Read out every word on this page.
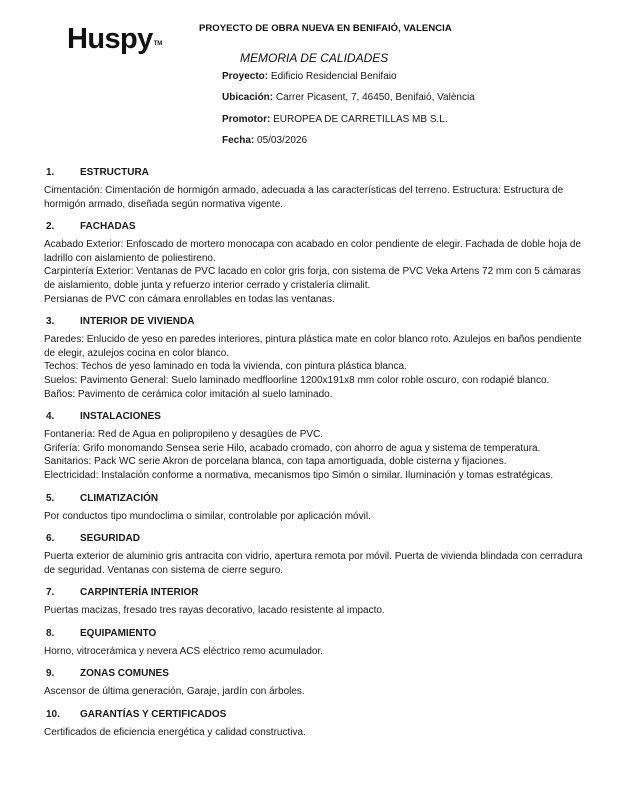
Huspy™
PROYECTO DE OBRA NUEVA EN BENIFAIÓ, VALENCIA
MEMORIA DE CALIDADES
Proyecto: Edificio Residencial Benifaio
Ubicación: Carrer Picasent, 7, 46450, Benifaió, València
Promotor: EUROPEA DE CARRETILLAS MB S.L.
Fecha: 05/03/2026
1.	ESTRUCTURA

Cimentación: Cimentación de hormigón armado, adecuada a las características del terreno. Estructura: Estructura de hormigón armado, diseñada según normativa vigente.

2.	FACHADAS

Acabado Exterior: Enfoscado de mortero monocapa con acabado en color pendiente de elegir. Fachada de doble hoja de ladrillo con aislamiento de poliestireno.

Carpintería Exterior: Ventanas de PVC lacado en color gris forja, con sistema de PVC Veka Artens 72 mm con 5 cámaras de aislamiento, doble junta y refuerzo interior cerrado y cristalería climalit.

Persianas de PVC con cámara enrollables en todas las ventanas.

3.	INTERIOR DE VIVIENDA

Paredes: Enlucido de yeso en paredes interiores, pintura plástica mate en color blanco roto. Azulejos en baños pendiente de elegir, azulejos cocina en color blanco.

Techos: Techos de yeso laminado en toda la vivienda, con pintura plástica blanca.

Suelos: Pavimento General: Suelo laminado medfloorline 1200x191x8 mm color roble oscuro, con rodapié blanco.

Baños: Pavimento de cerámica color imitación al suelo laminado.

4.	INSTALACIONES

Fontanería: Red de Agua en polipropileno y desagües de PVC.

Grifería: Grifo monomando Sensea serie Hilo, acabado cromado, con ahorro de agua y sistema de temperatura.

Sanitarios: Pack WC serie Akron de porcelana blanca, con tapa amortiguada, doble cisterna y fijaciones.

Electricidad: Instalación conforme a normativa, mecanismos tipo Simón o similar. Iluminación y tomas estratégicas.

5.	CLIMATIZACIÓN

Por conductos tipo mundoclima o similar, controlable por aplicación móvil.

6.	SEGURIDAD

Puerta exterior de aluminio gris antracita con vidrio, apertura remota por móvil. Puerta de vivienda blindada con cerradura de seguridad. Ventanas con sistema de cierre seguro.

7.	CARPINTERÍA INTERIOR

Puertas macizas, fresado tres rayas decorativo, lacado resistente al impacto.

8.	EQUIPAMIENTO

Horno, vitrocerámica y nevera ACS eléctrico remo acumulador.

9.	ZONAS COMUNES

Ascensor de última generación, Garaje, jardín con árboles.

10.	GARANTÍAS Y CERTIFICADOS

Certificados de eficiencia energética y calidad constructiva.
